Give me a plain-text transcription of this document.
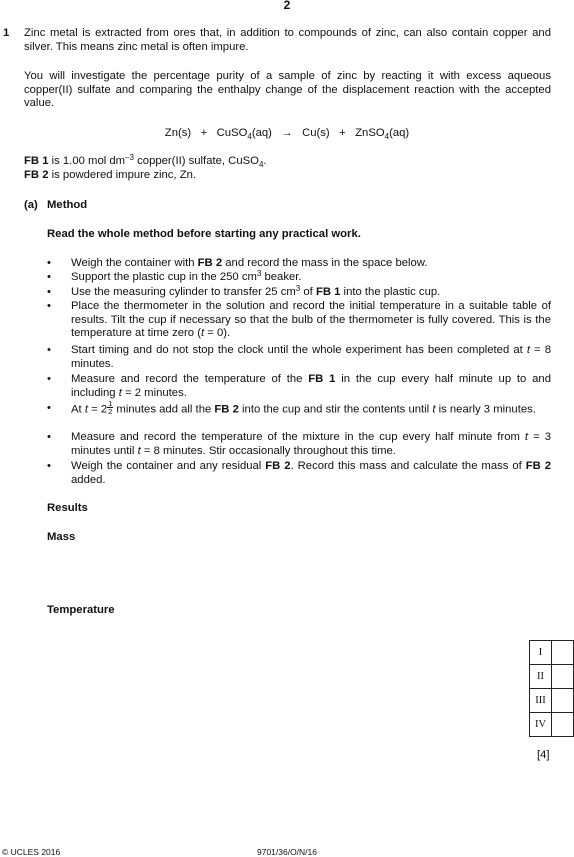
2
1 Zinc metal is extracted from ores that, in addition to compounds of zinc, can also contain copper and silver. This means zinc metal is often impure.
You will investigate the percentage purity of a sample of zinc by reacting it with excess aqueous copper(II) sulfate and comparing the enthalpy change of the displacement reaction with the accepted value.
Zn(s) + CuSO4(aq) → Cu(s) + ZnSO4(aq)
FB 1 is 1.00 mol $dm^{-3}$ copper(II) sulfate, CuSO$_4$.
FB 2 is powdered impure zinc, Zn.
(a) Method
Read the whole method before starting any practical work.
• Weigh the container with FB 2 and record the mass in the space below.
• Support the plastic cup in the 250 $cm^3$ beaker.
• Use the measuring cylinder to transfer 25 $cm^3$ of FB 1 into the plastic cup.
• Place the thermometer in the solution and record the initial temperature in a suitable table of results. Tilt the cup if necessary so that the bulb of the thermometer is fully covered. This is the temperature at time zero (t = 0).
• Start timing and do not stop the clock until the whole experiment has been completed at t = 8 minutes.
• Measure and record the temperature of the FB 1 in the cup every half minute up to and including t = 2 minutes.
• At $t = 2 \frac{1}{2}$ minutes add all the FB 2 into the cup and stir the contents until t is nearly 3 minutes.
• Measure and record the temperature of the mixture in the cup every half minute from t = 3 minutes until t = 8 minutes. Stir occasionally throughout this time.
• Weigh the container and any residual FB 2. Record this mass and calculate the mass of FB 2 added.
Results
Mass
Temperature
I	
II	
III	
IV	
[4]
© UCLES 2016	9701/36/O/N/16
